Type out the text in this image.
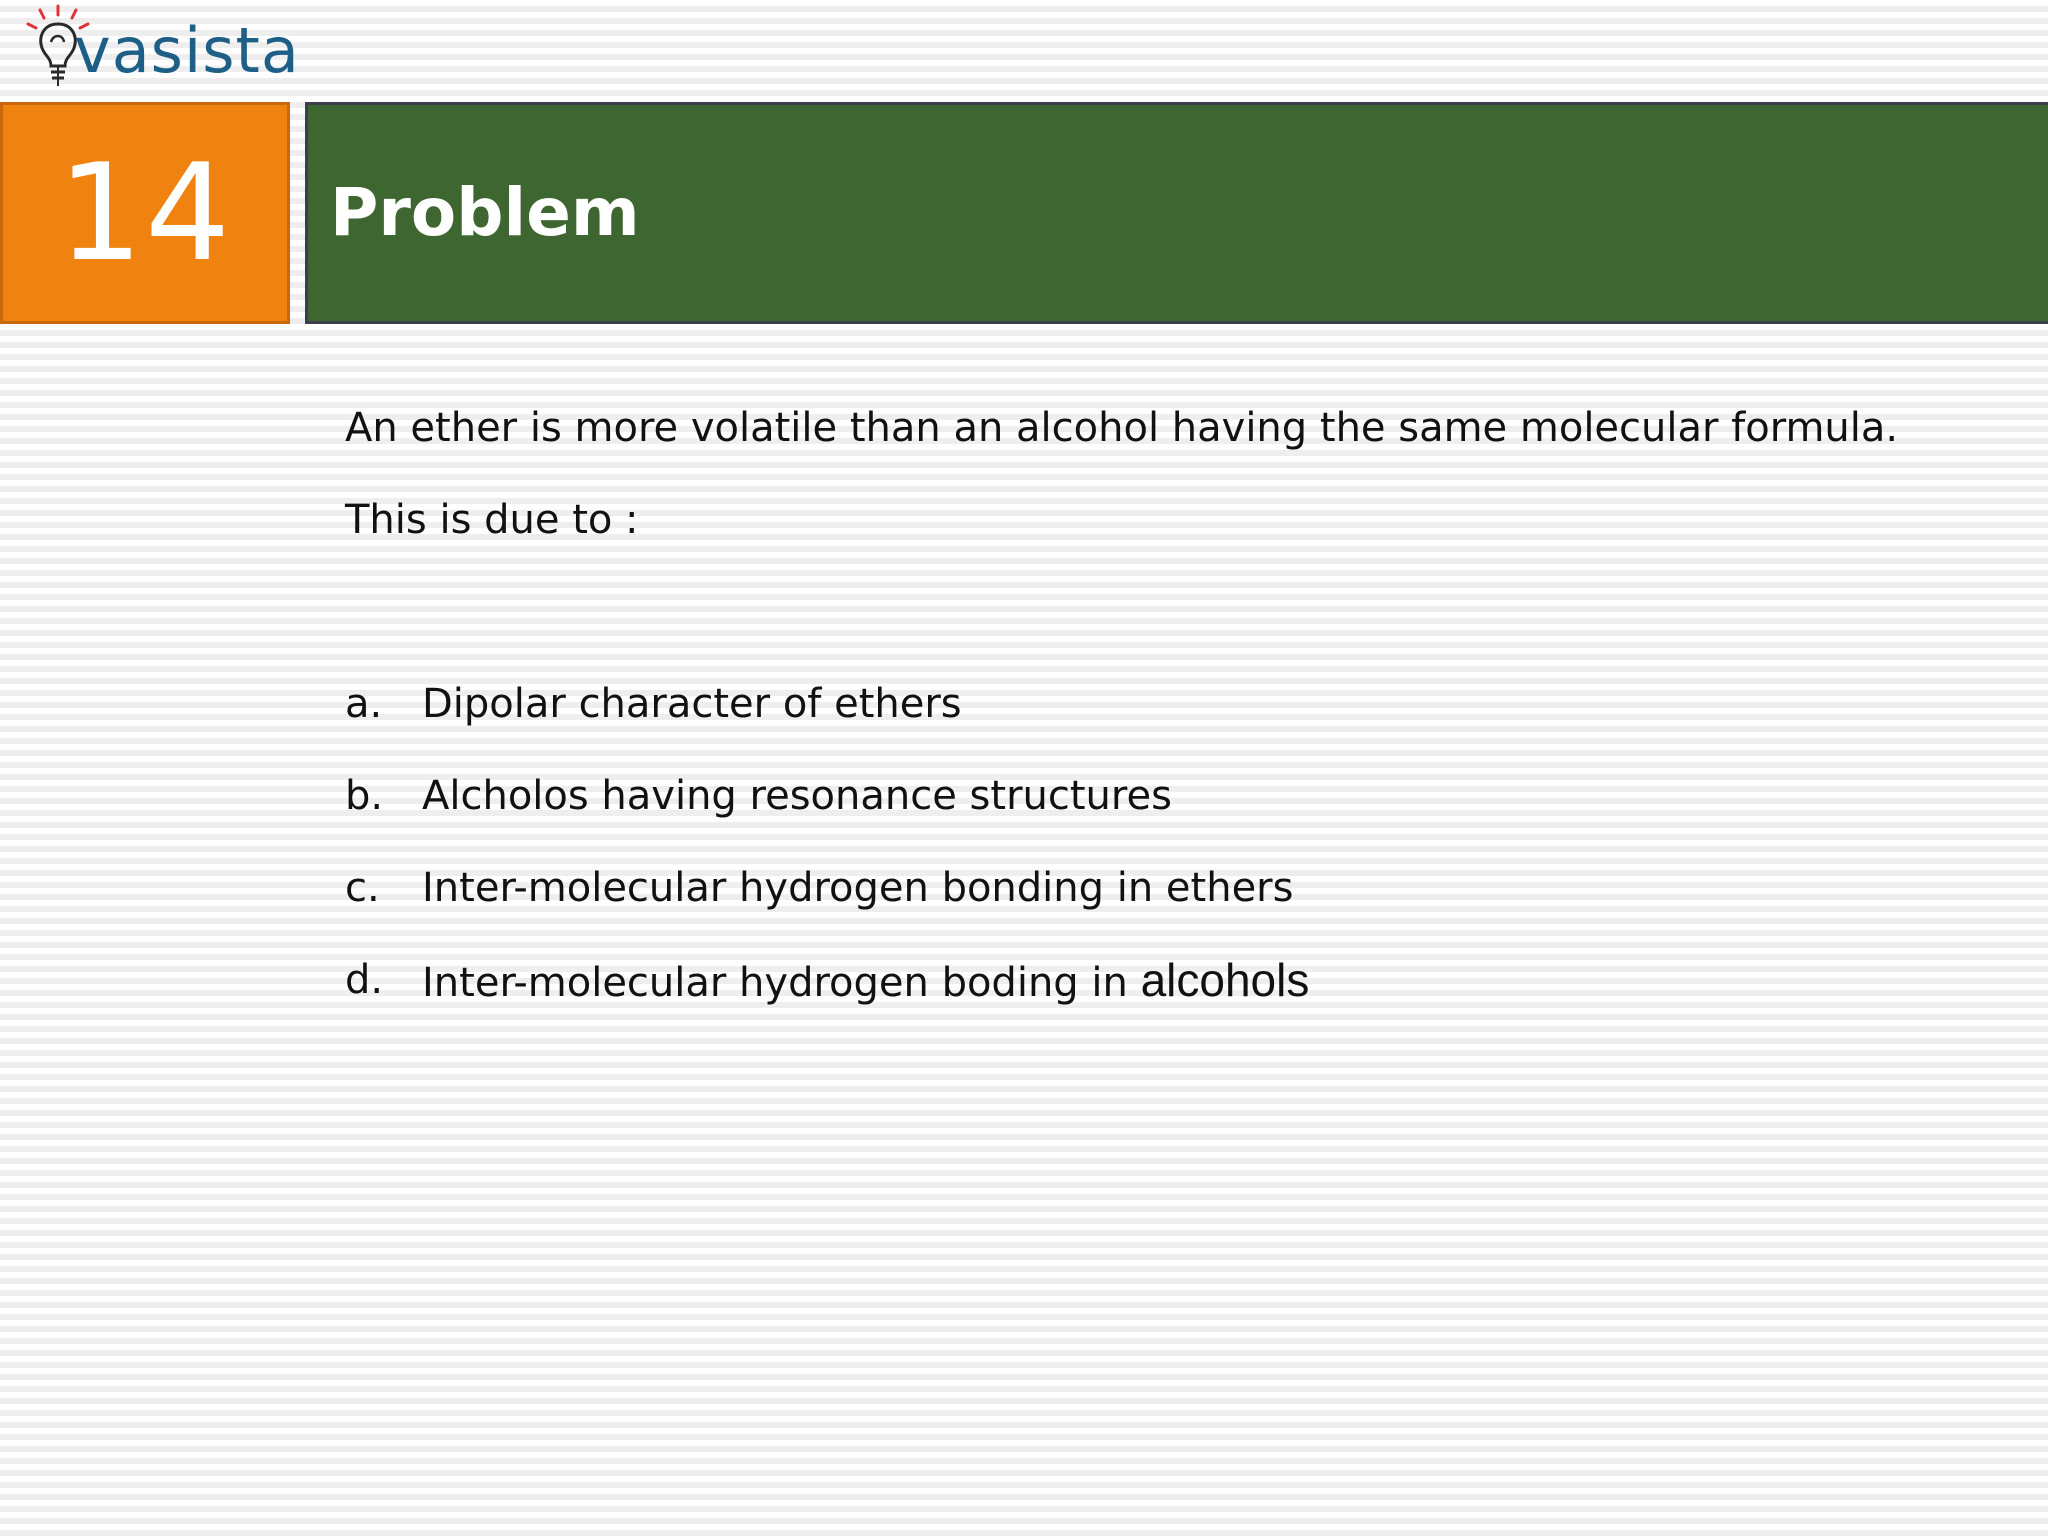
vasista
14 Problem

An ether is more volatile than an alcohol having the same molecular formula.

This is due to :

a. Dipolar character of ethers
b. Alcholos having resonance structures
c.	Inter-molecular hydrogen bonding in ethers
d. Inter-molecular hydrogen boding in alcohols
